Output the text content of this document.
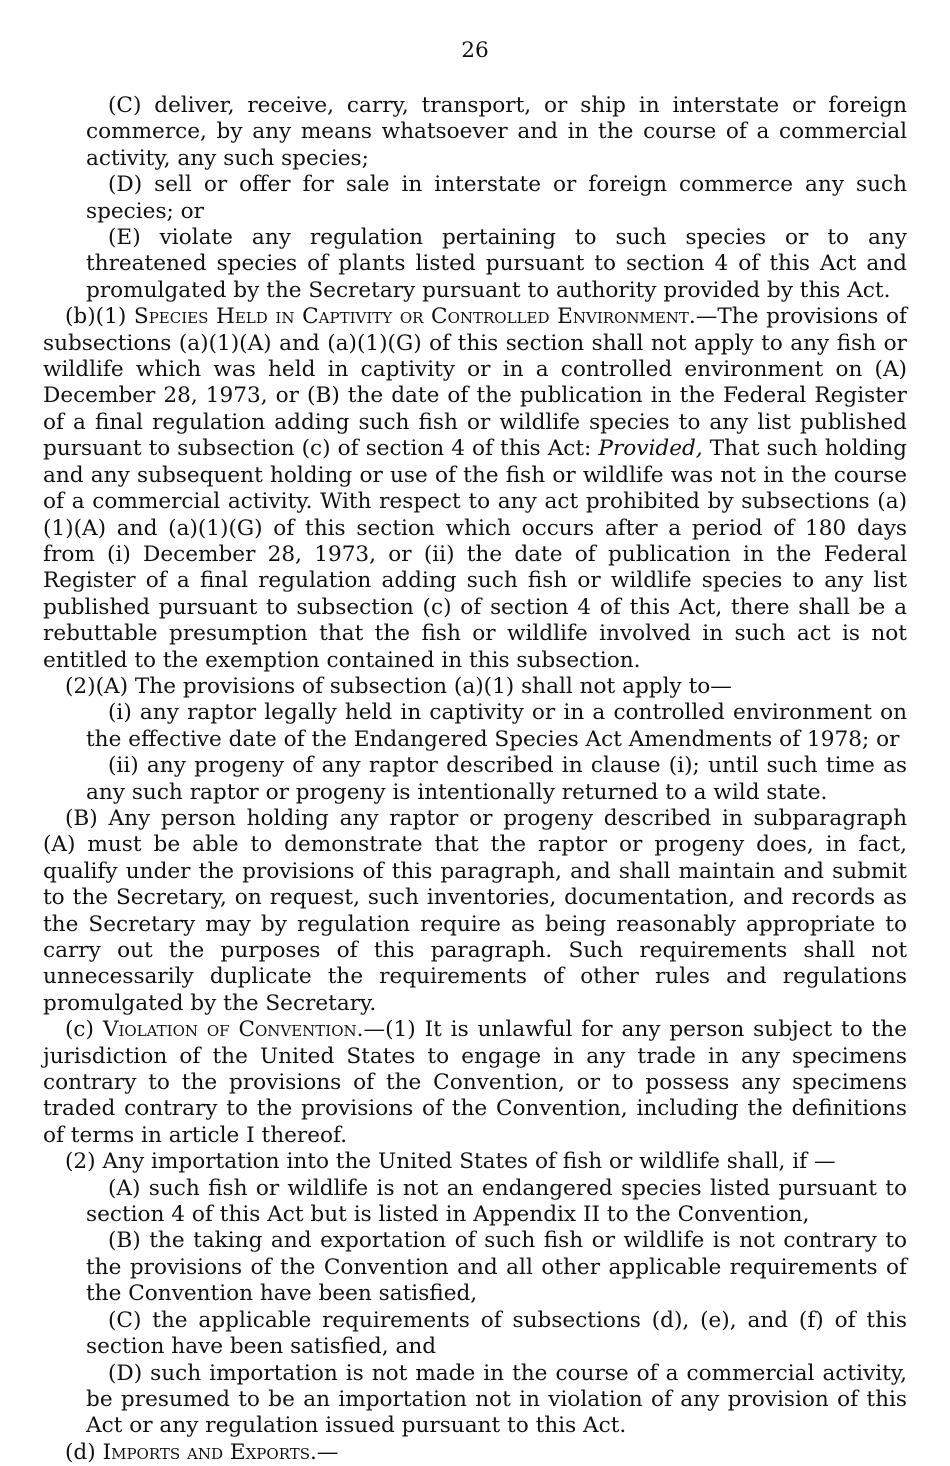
26

(C) deliver, receive, carry, transport, or ship in interstate or foreign commerce, by any means whatsoever and in the course of a commercial activity, any such species;

(D) sell or offer for sale in interstate or foreign commerce any such species; or

(E) violate any regulation pertaining to such species or to any threatened species of plants listed pursuant to section 4 of this Act and promulgated by the Secretary pursuant to authority provided by this Act.

(b)(1) Species Held in Captivity or Controlled Environment.—The provisions of subsections (a)(1)(A) and (a)(1)(G) of this section shall not apply to any fish or wildlife which was held in captivity or in a controlled environment on (A) December 28, 1973, or (B) the date of the publication in the Federal Register of a final regulation adding such fish or wildlife species to any list published pursuant to subsection (c) of section 4 of this Act: Provided, That such holding and any subsequent holding or use of the fish or wildlife was not in the course of a commercial activity. With respect to any act prohibited by subsections (a)(1)(A) and (a)(1)(G) of this section which occurs after a period of 180 days from (i) December 28, 1973, or (ii) the date of publication in the Federal Register of a final regulation adding such fish or wildlife species to any list published pursuant to subsection (c) of section 4 of this Act, there shall be a rebuttable presumption that the fish or wildlife involved in such act is not entitled to the exemption contained in this subsection.

(2)(A) The provisions of subsection (a)(1) shall not apply to—

(i) any raptor legally held in captivity or in a controlled environment on the effective date of the Endangered Species Act Amendments of 1978; or

(ii) any progeny of any raptor described in clause (i); until such time as any such raptor or progeny is intentionally returned to a wild state.

(B) Any person holding any raptor or progeny described in subparagraph (A) must be able to demonstrate that the raptor or progeny does, in fact, qualify under the provisions of this paragraph, and shall maintain and submit to the Secretary, on request, such inventories, documentation, and records as the Secretary may by regulation require as being reasonably appropriate to carry out the purposes of this paragraph. Such requirements shall not unnecessarily duplicate the requirements of other rules and regulations promulgated by the Secretary.

(c) Violation of Convention.—(1) It is unlawful for any person subject to the jurisdiction of the United States to engage in any trade in any specimens contrary to the provisions of the Convention, or to possess any specimens traded contrary to the provisions of the Convention, including the definitions of terms in article I thereof.

(2) Any importation into the United States of fish or wildlife shall, if —

(A) such fish or wildlife is not an endangered species listed pursuant to section 4 of this Act but is listed in Appendix II to the Convention,

(B) the taking and exportation of such fish or wildlife is not contrary to the provisions of the Convention and all other applicable requirements of the Convention have been satisfied,

(C) the applicable requirements of subsections (d), (e), and (f) of this section have been satisfied, and

(D) such importation is not made in the course of a commercial activity, be presumed to be an importation not in violation of any provision of this Act or any regulation issued pursuant to this Act.

(d) Imports and Exports.—
